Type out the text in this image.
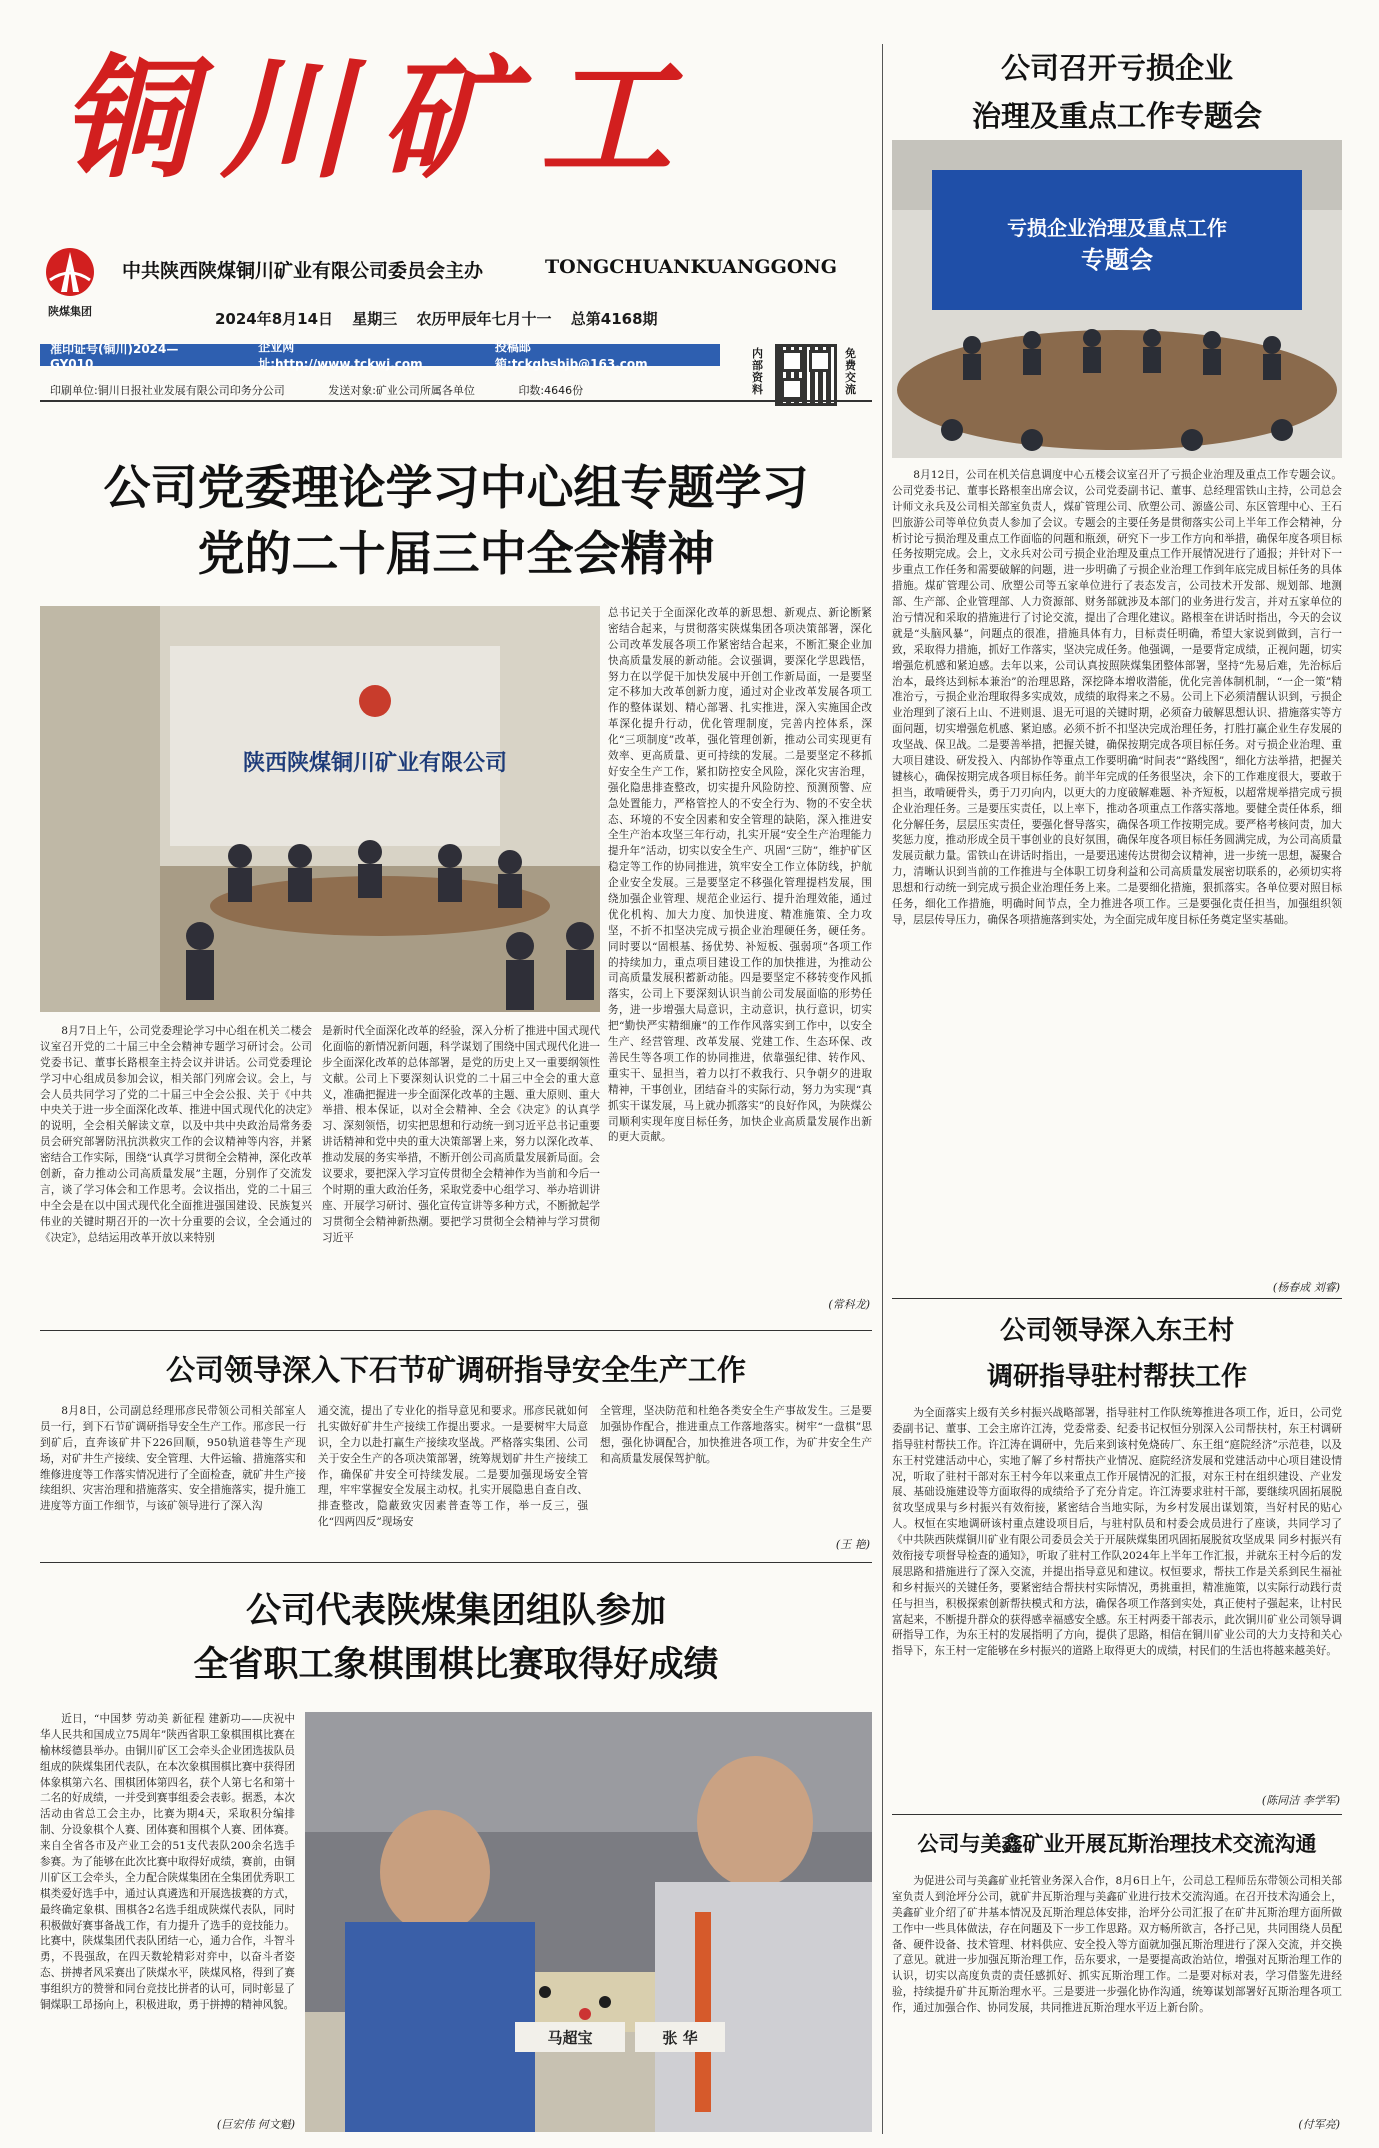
铜川矿工
陕煤集团
中共陕西陕煤铜川矿业有限公司委员会主办	TONGCHUANKUANGGONG
2024年8月14日 星期三 农历甲辰年七月十一 总第4168期
准印证号(铜川)2024—GY010
企业网址:http://www.tckwj.com
投稿邮箱:tckgbsbjb@163.com
印刷单位:铜川日报社业发展有限公司印务分公司	发送对象:矿业公司所属各单位	印数:4646份
内部资料
免费交流
公司党委理论学习中心组专题学习
党的二十届三中全会精神
陕西陕煤铜川矿业有限公司

8月7日上午，公司党委理论学习中心组在机关二楼会议室召开党的二十届三中全会精神专题学习研讨会。公司党委书记、董事长路根奎主持会议并讲话。公司党委理论学习中心组成员参加会议，相关部门列席会议。会上，与会人员共同学习了党的二十届三中全会公报、关于《中共中央关于进一步全面深化改革、推进中国式现代化的决定》的说明，全会相关解读文章，以及中共中央政治局常务委员会研究部署防汛抗洪救灾工作的会议精神等内容，并紧密结合工作实际，围绕“认真学习贯彻全会精神，深化改革创新，奋力推动公司高质量发展”主题，分别作了交流发言，谈了学习体会和工作思考。会议指出，党的二十届三中全会是在以中国式现代化全面推进强国建设、民族复兴伟业的关键时期召开的一次十分重要的会议，全会通过的《决定》，总结运用改革开放以来特别

是新时代全面深化改革的经验，深入分析了推进中国式现代化面临的新情况新问题，科学谋划了围绕中国式现代化进一步全面深化改革的总体部署，是党的历史上又一重要纲领性文献。公司上下要深刻认识党的二十届三中全会的重大意义，准确把握进一步全面深化改革的主题、重大原则、重大举措、根本保证，以对全会精神、全会《决定》的认真学习、深刻领悟，切实把思想和行动统一到习近平总书记重要讲话精神和党中央的重大决策部署上来，努力以深化改革、推动发展的务实举措，不断开创公司高质量发展新局面。会议要求，要把深入学习宣传贯彻全会精神作为当前和今后一个时期的重大政治任务，采取党委中心组学习、举办培训讲座、开展学习研讨、强化宣传宣讲等多种方式，不断掀起学习贯彻全会精神新热潮。要把学习贯彻全会精神与学习贯彻习近平

总书记关于全面深化改革的新思想、新观点、新论断紧密结合起来，与贯彻落实陕煤集团各项决策部署，深化公司改革发展各项工作紧密结合起来，不断汇聚企业加快高质量发展的新动能。会议强调，要深化学思践悟，努力在以学促干加快发展中开创工作新局面，一是要坚定不移加大改革创新力度，通过对企业改革发展各项工作的整体谋划、精心部署、扎实推进，深入实施国企改革深化提升行动，优化管理制度，完善内控体系，深化“三项制度”改革，强化管理创新，推动公司实现更有效率、更高质量、更可持续的发展。二是要坚定不移抓好安全生产工作，紧扣防控安全风险，深化灾害治理，强化隐患排查整改，切实提升风险防控、预测预警、应急处置能力，严格管控人的不安全行为、物的不安全状态、环境的不安全因素和安全管理的缺陷，深入推进安全生产治本攻坚三年行动，扎实开展“安全生产治理能力提升年”活动，切实以安全生产、巩固“三防”，维护矿区稳定等工作的协同推进，筑牢安全工作立体防线，护航企业安全发展。三是要坚定不移强化管理提档发展，围绕加强企业管理、规范企业运行、提升治理效能，通过优化机构、加大力度、加快进度、精准施策、全力攻坚，不折不扣坚决完成亏损企业治理硬任务，硬任务。同时要以“固根基、扬优势、补短板、强弱项”各项工作的持续加力，重点项目建设工作的加快推进，为推动公司高质量发展积蓄新动能。四是要坚定不移转变作风抓落实，公司上下要深刻认识当前公司发展面临的形势任务，进一步增强大局意识，主动意识，执行意识，切实把“勤快严实精细廉”的工作作风落实到工作中，以安全生产、经营管理、改革发展、党建工作、生态环保、改善民生等各项工作的协同推进，依靠强纪律、转作风、重实干、显担当，着力以打不救我行、只争朝夕的进取精神，干事创业，团结奋斗的实际行动，努力为实现“真抓实干谋发展，马上就办抓落实”的良好作风，为陕煤公司顺利实现年度目标任务，加快企业高质量发展作出新的更大贡献。

(常科龙)
公司领导深入下石节矿调研指导安全生产工作

8月8日，公司副总经理邢彦民带领公司相关部室人员一行，到下石节矿调研指导安全生产工作。邢彦民一行到矿后，直奔该矿井下226回顺，950轨道巷等生产现场，对矿井生产接续、安全管理、大件运输、措施落实和维修进度等工作落实情况进行了全面检查，就矿井生产接续组织、灾害治理和措施落实、安全措施落实，提升施工进度等方面工作细节，与该矿领导进行了深入沟

通交流，提出了专业化的指导意见和要求。邢彦民就如何扎实做好矿井生产接续工作提出要求。一是要树牢大局意识，全力以赴打赢生产接续攻坚战。严格落实集团、公司关于安全生产的各项决策部署，统筹规划矿井生产接续工作，确保矿井安全可持续发展。二是要加强现场安全管理，牢牢掌握安全发展主动权。扎实开展隐患自查自改、排查整改，隐蔽致灾因素普查等工作，举一反三，强化“四两四反”现场安

全管理，坚决防范和杜绝各类安全生产事故发生。三是要加强协作配合，推进重点工作落地落实。树牢“一盘棋”思想，强化协调配合，加快推进各项工作，为矿井安全生产和高质量发展保驾护航。

(王 艳)
公司代表陕煤集团组队参加
全省职工象棋围棋比赛取得好成绩

近日，“中国梦 劳动美 新征程 建新功——庆祝中华人民共和国成立75周年”陕西省职工象棋围棋比赛在榆林绥德县举办。由铜川矿区工会牵头企业团选拔队员组成的陕煤集团代表队，在本次象棋围棋比赛中获得团体象棋第六名、围棋团体第四名，获个人第七名和第十二名的好成绩，一并受到赛事组委会表彰。据悉，本次活动由省总工会主办，比赛为期4天，采取积分编排制、分设象棋个人赛、团体赛和围棋个人赛、团体赛。来自全省各市及产业工会的51支代表队200余名选手参赛。为了能够在此次比赛中取得好成绩，赛前，由铜川矿区工会牵头，全力配合陕煤集团在全集团优秀职工棋类爱好选手中，通过认真遴选和开展选拔赛的方式，最终确定象棋、围棋各2名选手组成陕煤代表队，同时积极做好赛事备战工作，有力提升了选手的竞技能力。比赛中，陕煤集团代表队团结一心，通力合作，斗智斗勇，不畏强敌，在四天数轮精彩对弈中，以奋斗者姿态、拼搏者风采赛出了陕煤水平，陕煤风格，得到了赛事组织方的赞誉和同台竞技比拼者的认可，同时彰显了铜煤职工昂扬向上，积极进取，勇于拼搏的精神风貌。

(巨宏伟 何文魁)
马超宝	张 华
公司召开亏损企业
治理及重点工作专题会
亏损企业治理及重点工作
专题会

8月12日，公司在机关信息调度中心五楼会议室召开了亏损企业治理及重点工作专题会议。公司党委书记、董事长路根奎出席会议，公司党委副书记、董事、总经理雷铁山主持，公司总会计师文永兵及公司相关部室负责人，煤矿管理公司、欣塑公司、源盛公司、东区管理中心、王石凹旅游公司等单位负责人参加了会议。专题会的主要任务是贯彻落实公司上半年工作会精神，分析讨论亏损治理及重点工作面临的问题和瓶颈，研究下一步工作方向和举措，确保年度各项目标任务按期完成。会上，文永兵对公司亏损企业治理及重点工作开展情况进行了通报；并针对下一步重点工作任务和需要破解的问题，进一步明确了亏损企业治理工作到年底完成目标任务的具体措施。煤矿管理公司、欣塑公司等五家单位进行了表态发言，公司技术开发部、规划部、地测部、生产部、企业管理部、人力资源部、财务部就涉及本部门的业务进行发言，并对五家单位的治亏情况和采取的措施进行了讨论交流，提出了合理化建议。路根奎在讲话时指出，今天的会议就是“头脑风暴”，问题点的很准，措施具体有力，目标责任明确，希望大家说到做到，言行一致，采取得力措施，抓好工作落实，坚决完成任务。他强调，一是要背定成绩，正视问题，切实增强危机感和紧迫感。去年以来，公司认真按照陕煤集团整体部署，坚持“先易后难，先治标后治本，最终达到标本兼治”的治理思路，深挖降本增收潜能，优化完善体制机制，“一企一策”精准治亏，亏损企业治理取得多实成效，成绩的取得来之不易。公司上下必须清醒认识到，亏损企业治理到了滚石上山、不进则退、退无可退的关键时期，必须奋力破解思想认识、措施落实等方面问题，切实增强危机感、紧迫感。必须不折不扣坚决完成治理任务，打胜打赢企业生存发展的攻坚战、保卫战。二是要善举措，把握关键，确保按期完成各项目标任务。对亏损企业治理、重大项目建设、研发投入、内部协作等重点工作要明确“时间表”“路线图”，细化方法举措，把握关键核心，确保按期完成各项目标任务。前半年完成的任务很坚决，余下的工作难度很大，要敢于担当，敢啃硬骨头，勇于刀刃向内，以更大的力度破解难题、补齐短板，以超常规举措完成亏损企业治理任务。三是要压实责任，以上率下，推动各项重点工作落实落地。要健全责任体系，细化分解任务，层层压实责任，要强化督导落实，确保各项工作按期完成。要严格考核问责，加大奖惩力度，推动形成全员干事创业的良好氛围，确保年度各项目标任务圆满完成，为公司高质量发展贡献力量。雷铁山在讲话时指出，一是要迅速传达贯彻会议精神，进一步统一思想，凝聚合力，清晰认识到当前的工作推进与全体职工切身利益和公司高质量发展密切联系的，必须切实将思想和行动统一到完成亏损企业治理任务上来。二是要细化措施，狠抓落实。各单位要对照目标任务，细化工作措施，明确时间节点，全力推进各项工作。三是要强化责任担当，加强组织领导，层层传导压力，确保各项措施落到实处，为全面完成年度目标任务奠定坚实基础。

(杨春成 刘睿)
公司领导深入东王村
调研指导驻村帮扶工作

为全面落实上级有关乡村振兴战略部署，指导驻村工作队统筹推进各项工作，近日，公司党委副书记、董事、工会主席许江涛，党委常委、纪委书记权恒分别深入公司帮扶村，东王村调研指导驻村帮扶工作。许江涛在调研中，先后来到该村免烧砖厂、东王组“庭院经济”示范巷，以及东王村党建活动中心，实地了解了乡村帮扶产业情况、庭院经济发展和党建活动中心项目建设情况，听取了驻村干部对东王村今年以来重点工作开展情况的汇报，对东王村在组织建设、产业发展、基础设施建设等方面取得的成绩给予了充分肯定。许江涛要求驻村干部，要继续巩固拓展脱贫攻坚成果与乡村振兴有效衔接，紧密结合当地实际，为乡村发展出谋划策，当好村民的贴心人。权恒在实地调研该村重点建设项目后，与驻村队员和村委会成员进行了座谈，共同学习了《中共陕西陕煤铜川矿业有限公司委员会关于开展陕煤集团巩固拓展脱贫攻坚成果 同乡村振兴有效衔接专项督导检查的通知》，听取了驻村工作队2024年上半年工作汇报，并就东王村今后的发展思路和措施进行了深入交流，并提出指导意见和建议。权恒要求，帮扶工作是关系到民生福祉和乡村振兴的关键任务，要紧密结合帮扶村实际情况，勇挑重担，精准施策，以实际行动践行责任与担当，积极探索创新帮扶模式和方法，确保各项工作落到实处，真正使村子强起来，让村民富起来，不断提升群众的获得感幸福感安全感。东王村两委干部表示，此次铜川矿业公司领导调研指导工作，为东王村的发展指明了方向，提供了思路，相信在铜川矿业公司的大力支持和关心指导下，东王村一定能够在乡村振兴的道路上取得更大的成绩，村民们的生活也将越来越美好。

(陈同洁 李学军)
公司与美鑫矿业开展瓦斯治理技术交流沟通

为促进公司与美鑫矿业托管业务深入合作，8月6日上午，公司总工程师岳东带领公司相关部室负责人到沧坪分公司，就矿井瓦斯治理与美鑫矿业进行技术交流沟通。在召开技术沟通会上，美鑫矿业介绍了矿井基本情况及瓦斯治理总体安排，治坪分公司汇报了在矿井瓦斯治理方面所做工作中一些具体做法，存在问题及下一步工作思路。双方畅所欲言，各抒己见，共同围绕人员配备、硬件设备、技术管理、材料供应、安全投入等方面就加强瓦斯治理进行了深入交流，并交换了意见。就进一步加强瓦斯治理工作，岳东要求，一是要提高政治站位，增强对瓦斯治理工作的认识，切实以高度负责的责任感抓好、抓实瓦斯治理工作。二是要对标对表，学习借鉴先进经验，持续提升矿井瓦斯治理水平。三是要进一步强化协作沟通，统筹谋划部署好瓦斯治理各项工作，通过加强合作、协同发展，共同推进瓦斯治理水平迈上新台阶。

(付军亮)
